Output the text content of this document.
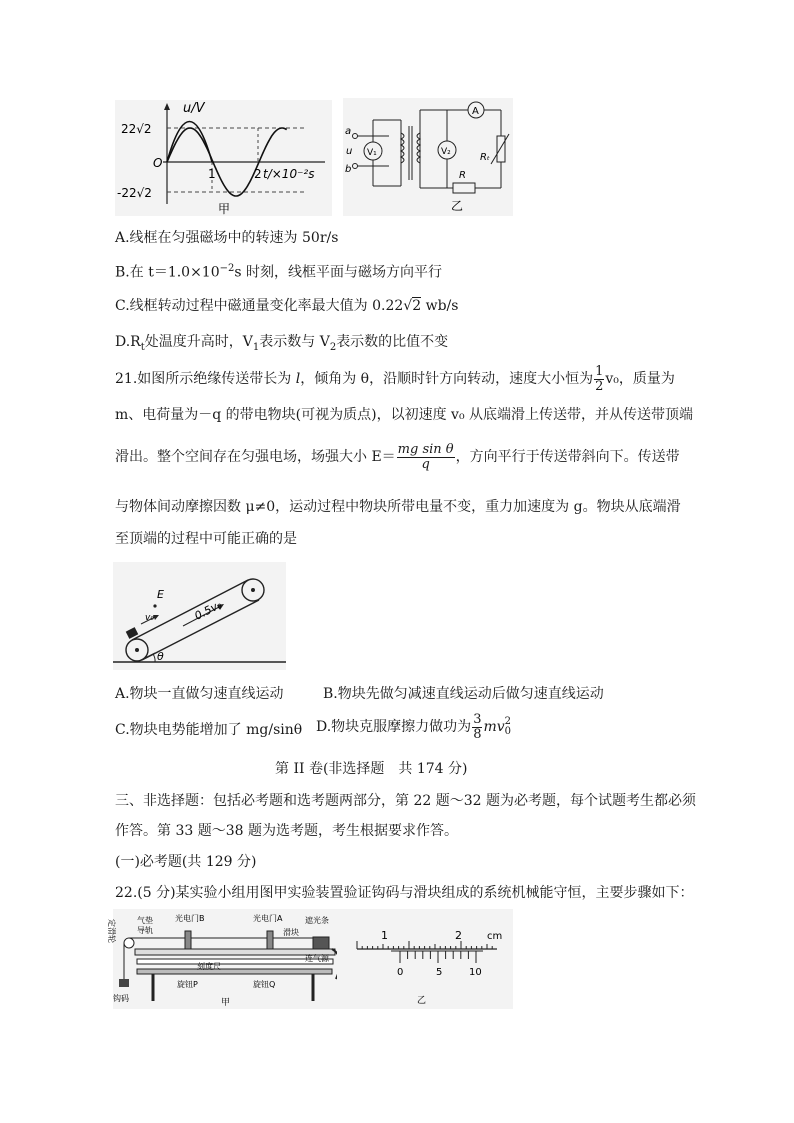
u/V
22√2
-22√2
O
1	2 t/×10⁻²s
甲
V₁	V₂
A
Rₜ
R
a
b
u
乙
A.线框在匀强磁场中的转速为 50r/s
B.在 $t=1.0\times 10^{-2}s$ 时刻，线框平面与磁场方向平行
C.线框转动过程中磁通量变化率最大值为 0.22√2 wb/s
$D.R_t$处温度升高时，$V_1$表示数与 $V_2$表示数的比值不变
21.如图所示绝缘传送带长为 l，倾角为 θ，沿顺时针方向转动，速度大小恒为 $\frac{1}{2} v_0$，质量为
m、电荷量为－q 的带电物块(可视为质点)，以初速度 v₀ 从底端滑上传送带，并从传送带顶端
滑出。整个空间存在匀强电场，场强大小 $E= \frac{\text{mg sin θ}}{q}$ ，方向平行于传送带斜向下。传送带
与物体间动摩擦因数 μ≠0，运动过程中物块所带电量不变，重力加速度为 g。物块从底端滑
至顶端的过程中可能正确的是
v₀
E
0.5v₀
θ
A.物块一直做匀速直线运动	B.物块先做匀减速直线运动后做匀速直线运动
C.物块电势能增加了 mg/sinθ D.物块克服摩擦力做功为 $\frac{3}{8}$ mv 2
0
第 II 卷(非选择题　共 174 分)
三、非选择题：包括必考题和选考题两部分，第 22 题～32 题为必考题，每个试题考生都必须
作答。第 33 题～38 题为选考题，考生根据要求作答。
(一)必考题(共 129 分)
22.(5 分)某实验小组用图甲实验装置验证钩码与滑块组成的系统机械能守恒，主要步骤如下：
定滑轮	气垫
导轨
光电门B	光电门A	遮光条
滑块
连气源
刻度尺
旋钮P	旋钮Q
钩码	甲
1	2	cm
0	5	10
乙
